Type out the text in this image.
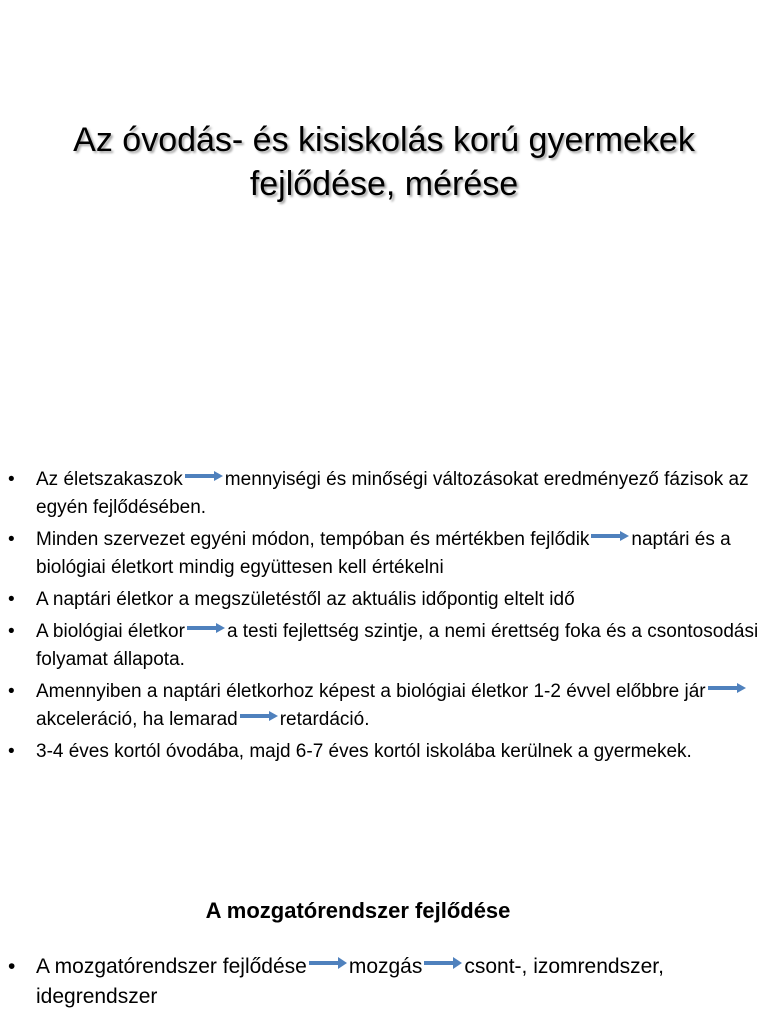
Az óvodás- és kisiskolás korú gyermekek
fejlődése, mérése
• Az életszakaszok mennyiségi és minőségi változásokat eredményező fázisok az egyén fejlődésében.
• Minden szervezet egyéni módon, tempóban és mértékben fejlődik naptári és a biológiai életkort mindig együttesen kell értékelni
• A naptári életkor a megszületéstől az aktuális időpontig eltelt idő
• A biológiai életkor a testi fejlettség szintje, a nemi érettség foka és a csontosodási folyamat állapota.
• Amennyiben a naptári életkorhoz képest a biológiai életkor 1-2 évvel előbbre jár
akceleráció, ha lemarad retardáció.
• 3-4 éves kortól óvodába, majd 6-7 éves kortól iskolába kerülnek a gyermekek.
A mozgatórendszer fejlődése
• A mozgatórendszer fejlődése mozgás csont-, izomrendszer, idegrendszer
